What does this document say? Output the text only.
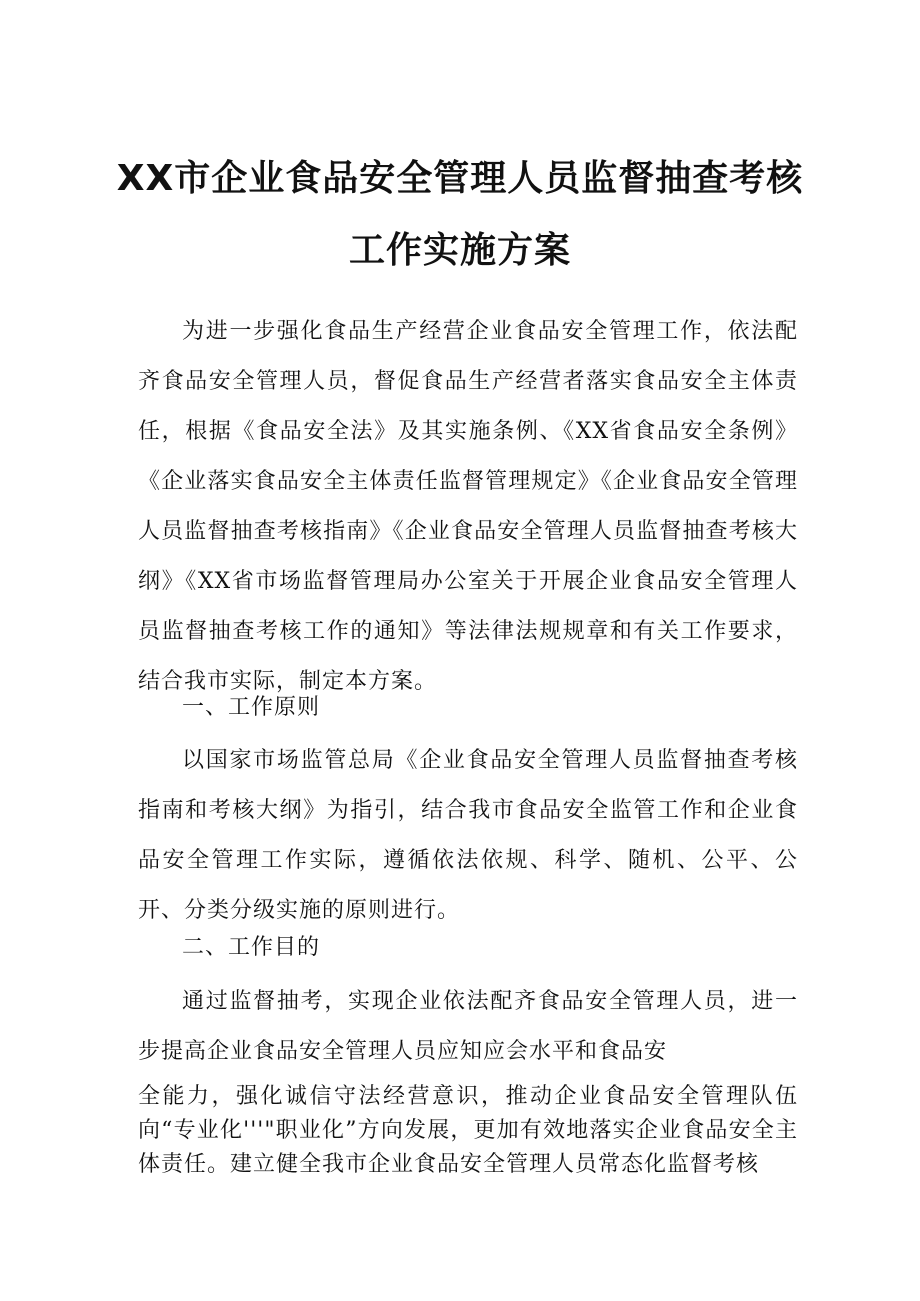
XX市企业食品安全管理人员监督抽查考核
工作实施方案

为进一步强化食品生产经营企业食品安全管理工作，依法配齐食品安全管理人员，督促食品生产经营者落实食品安全主体责任，根据《食品安全法》及其实施条例、《XX省食品安全条例》《企业落实食品安全主体责任监督管理规定》《企业食品安全管理人员监督抽查考核指南》《企业食品安全管理人员监督抽查考核大纲》《XX省市场监督管理局办公室关于开展企业食品安全管理人员监督抽查考核工作的通知》等法律法规规章和有关工作要求，结合我市实际，制定本方案。

一、工作原则

以国家市场监管总局《企业食品安全管理人员监督抽查考核指南和考核大纲》为指引，结合我市食品安全监管工作和企业食品安全管理工作实际，遵循依法依规、科学、随机、公平、公开、分类分级实施的原则进行。

二、工作目的

通过监督抽考，实现企业依法配齐食品安全管理人员，进一步提高企业食品安全管理人员应知应会水平和食品安

全能力，强化诚信守法经营意识，推动企业食品安全管理队伍向“专业化'''"职业化”方向发展，更加有效地落实企业食品安全主体责任。建立健全我市企业食品安全管理人员常态化监督考核
